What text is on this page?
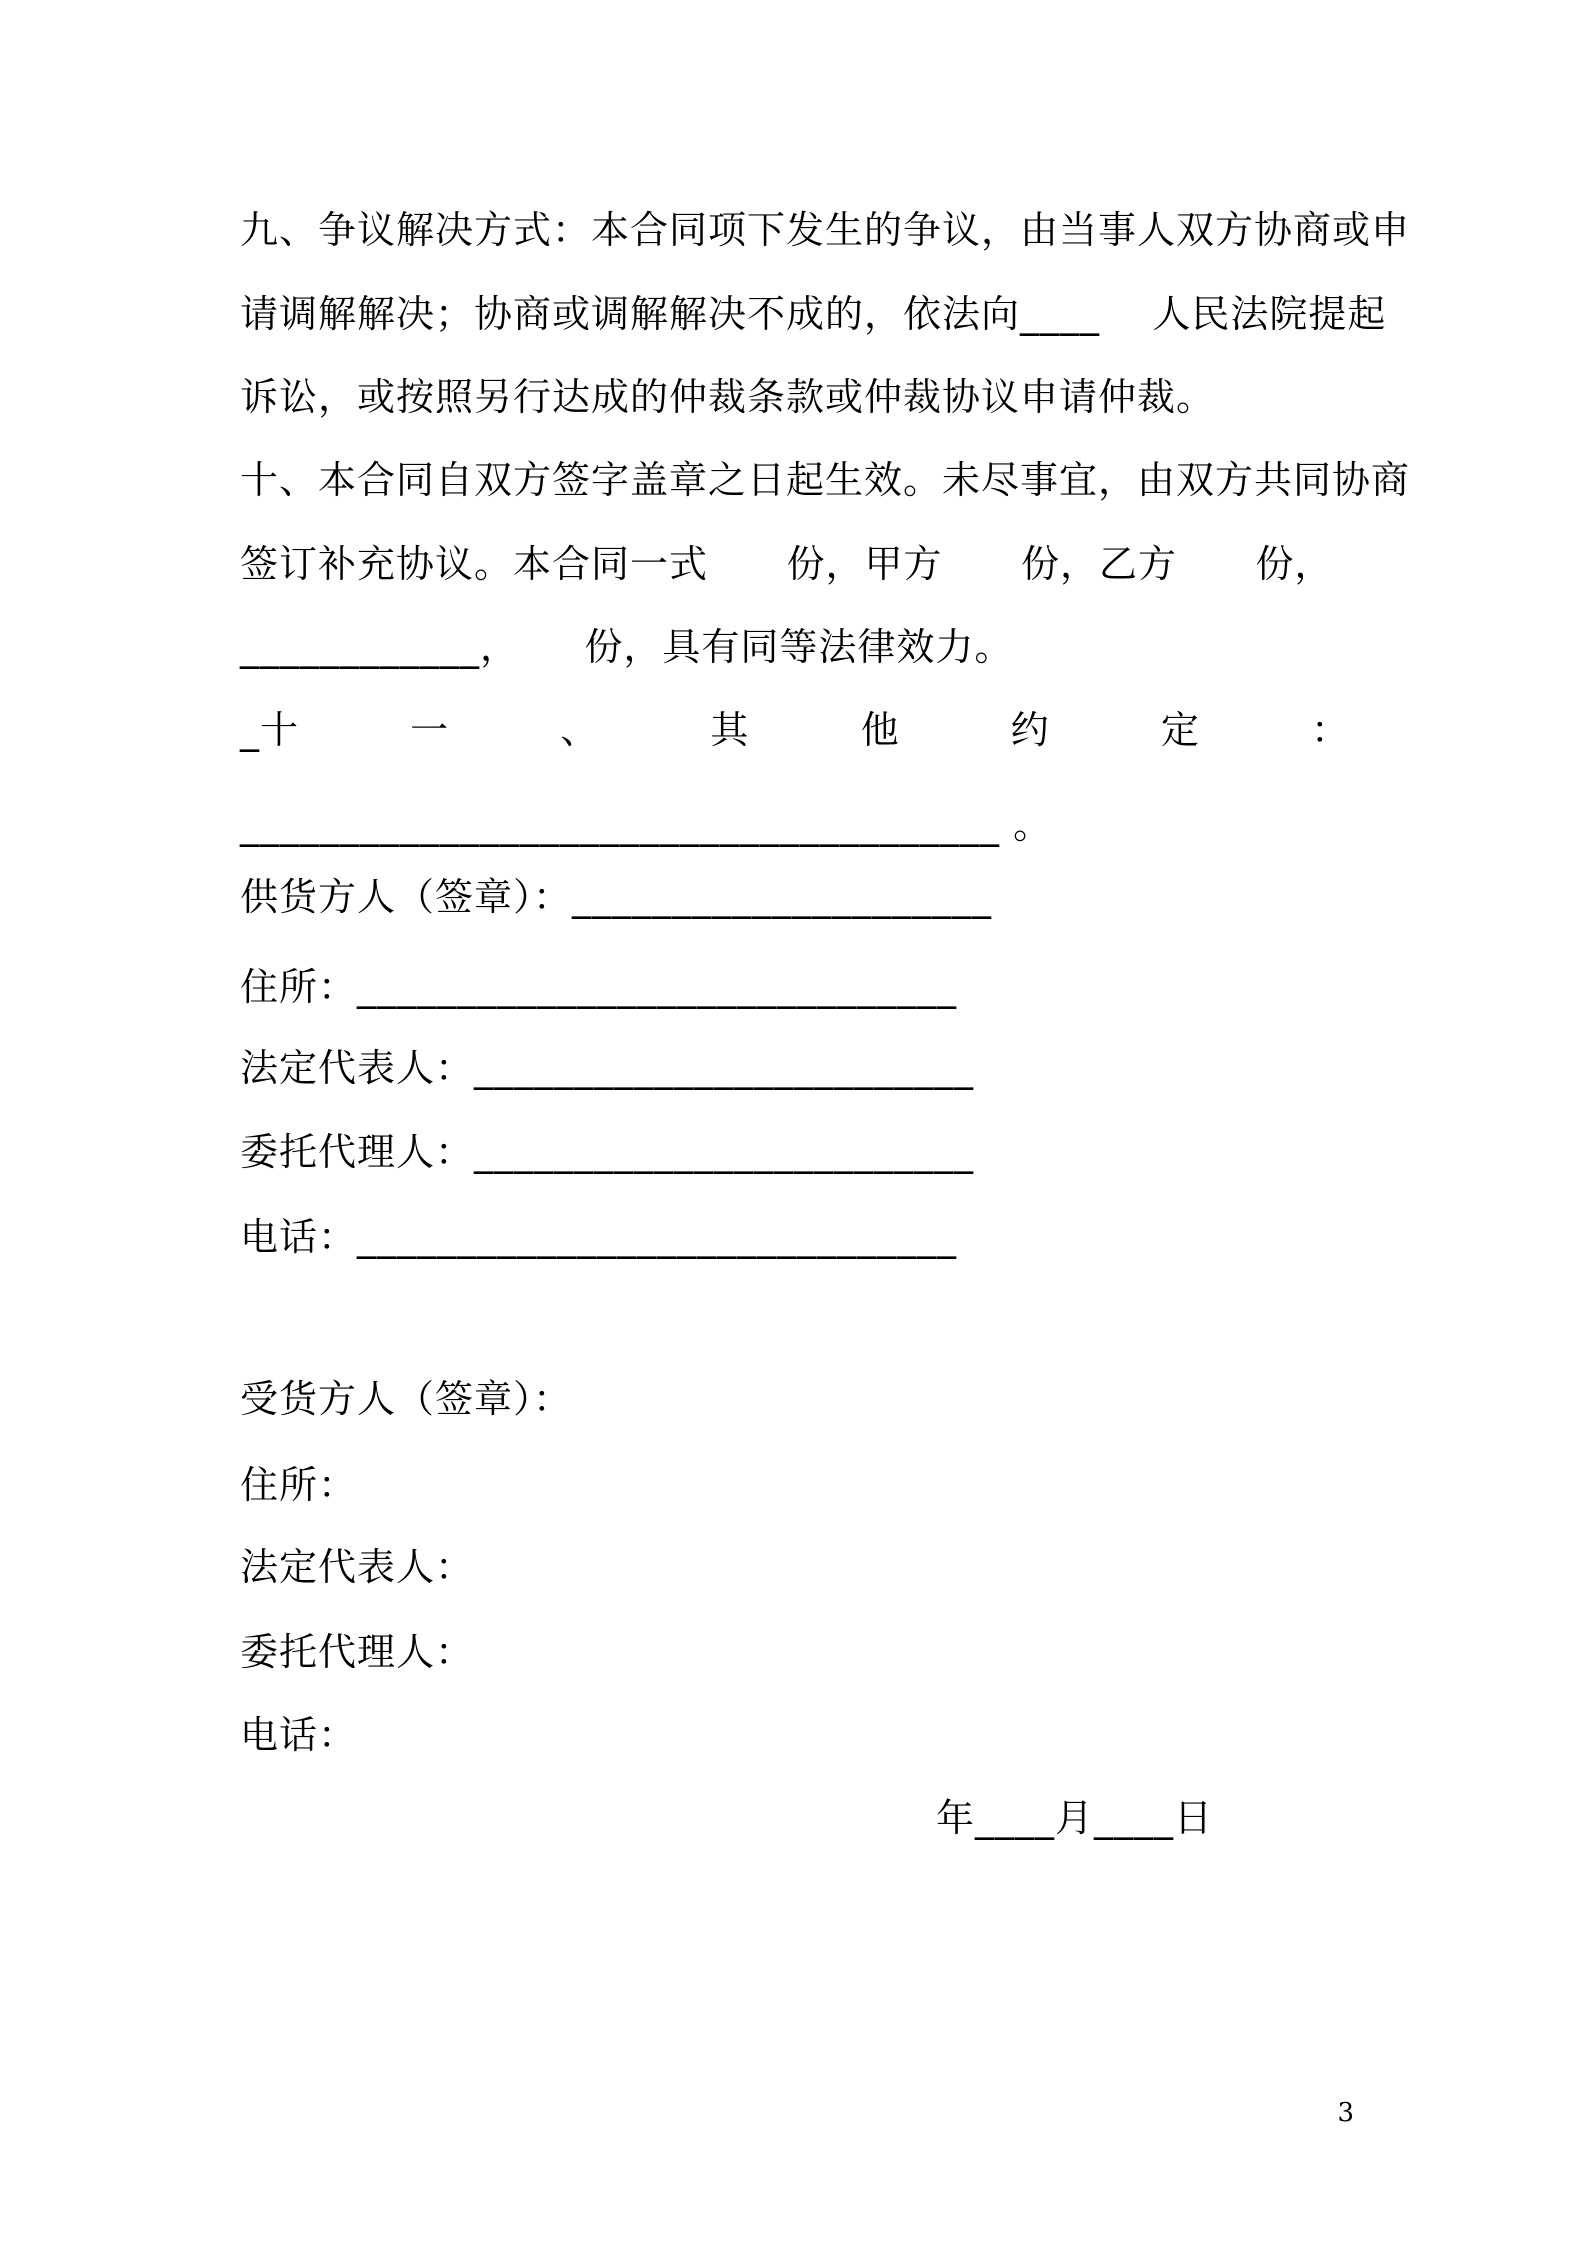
九、争议解决方式：本合同项下发生的争议，由当事人双方协商或申
请调解解决；协商或调解解决不成的，依法向____    人民法院提起
诉讼，或按照另行达成的仲裁条款或仲裁协议申请仲裁。
十、本合同自双方签字盖章之日起生效。未尽事宜，由双方共同协商
签订补充协议。本合同一式      份，甲方      份，乙方      份，
____________，     份，具有同等法律效力。
_十	一	、	其	他	约	定	：
______________________________________ 。
供货方人（签章）：_____________________
住所：______________________________
法定代表人：_________________________
委托代理人：_________________________
电话：______________________________
受货方人（签章）：
住所：
法定代表人：
委托代理人：
电话：
年____月____日
3
